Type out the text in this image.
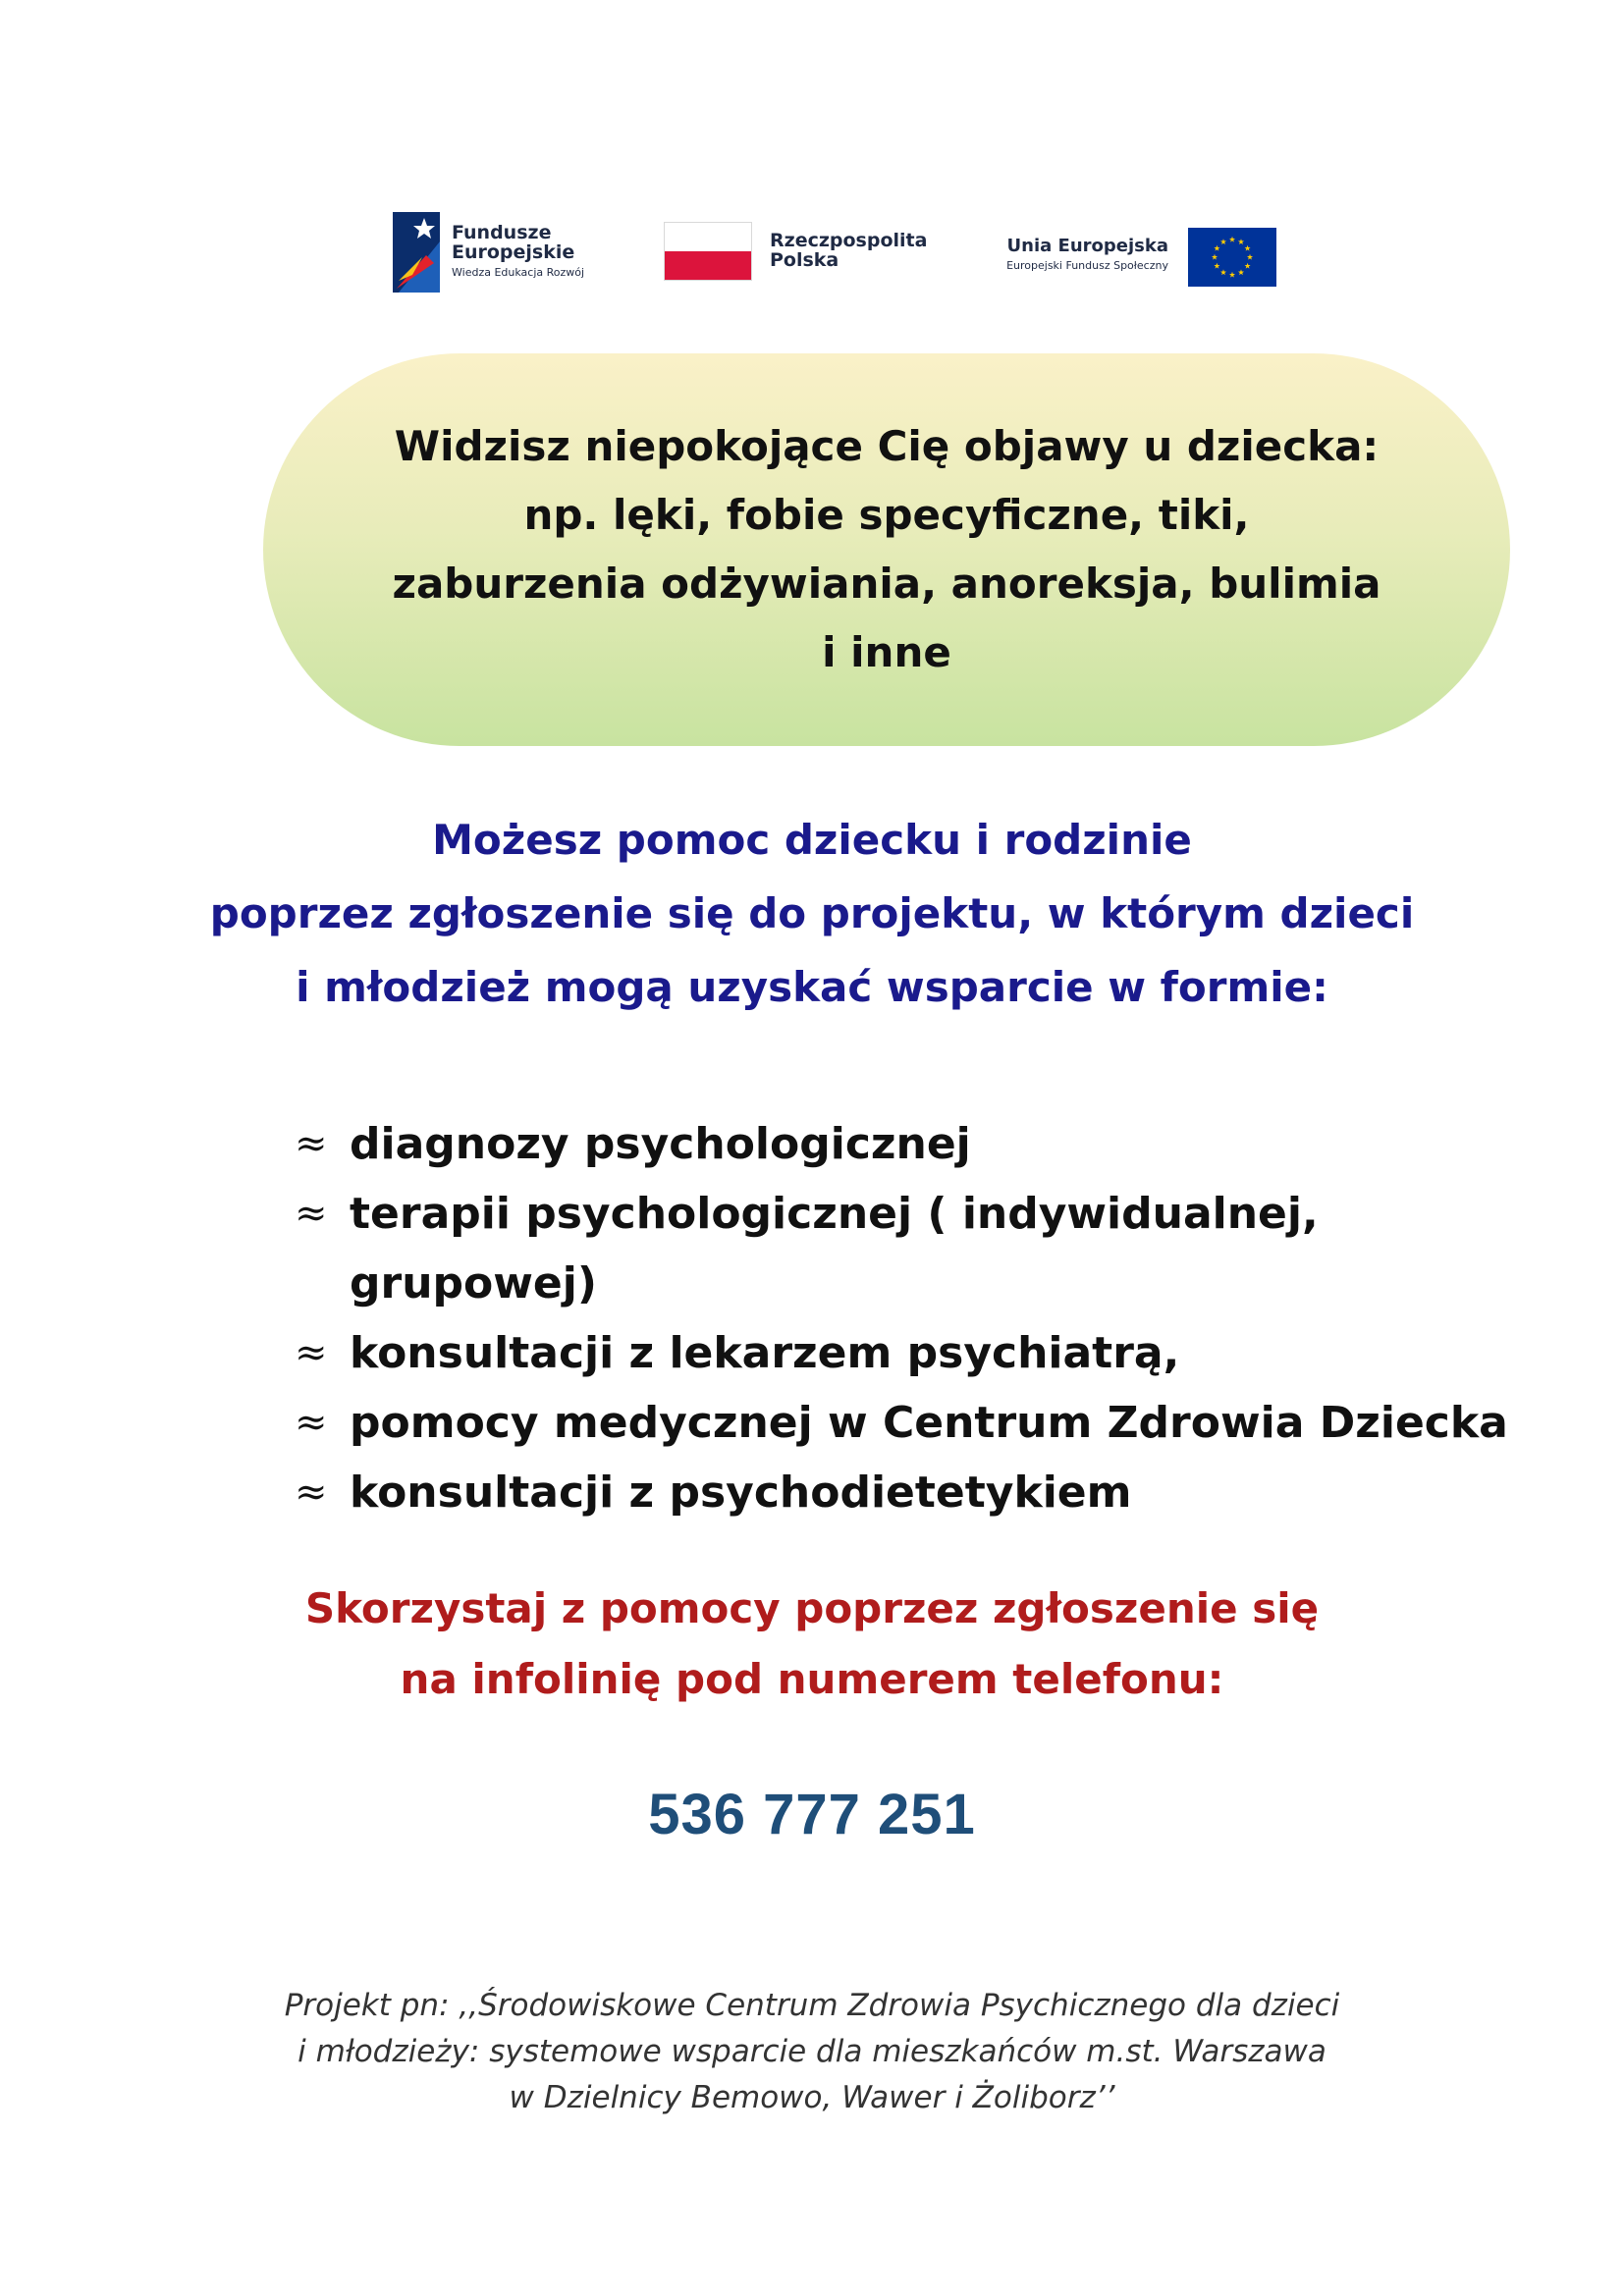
Fundusze
Europejskie
Wiedza Edukacja Rozwój
Rzeczpospolita
Polska
Unia Europejska
Europejski Fundusz Społeczny
Widzisz niepokojące Cię objawy u dziecka:
np. lęki, fobie specyficzne, tiki,
zaburzenia odżywiania, anoreksja, bulimia
i inne
Możesz pomoc dziecku i rodzinie
poprzez zgłoszenie się do projektu, w którym dzieci
i młodzież mogą uzyskać wsparcie w formie:
≈ diagnozy psychologicznej
≈ terapii psychologicznej ( indywidualnej,
grupowej)
≈ konsultacji z lekarzem psychiatrą,
≈ pomocy medycznej w Centrum Zdrowia Dziecka
≈ konsultacji z psychodietetykiem
Skorzystaj z pomocy poprzez zgłoszenie się
na infolinię pod numerem telefonu:
536 777 251
Projekt pn: ,,Środowiskowe Centrum Zdrowia Psychicznego dla dzieci
i młodzieży: systemowe wsparcie dla mieszkańców m.st. Warszawa
w Dzielnicy Bemowo, Wawer i Żoliborz’’
